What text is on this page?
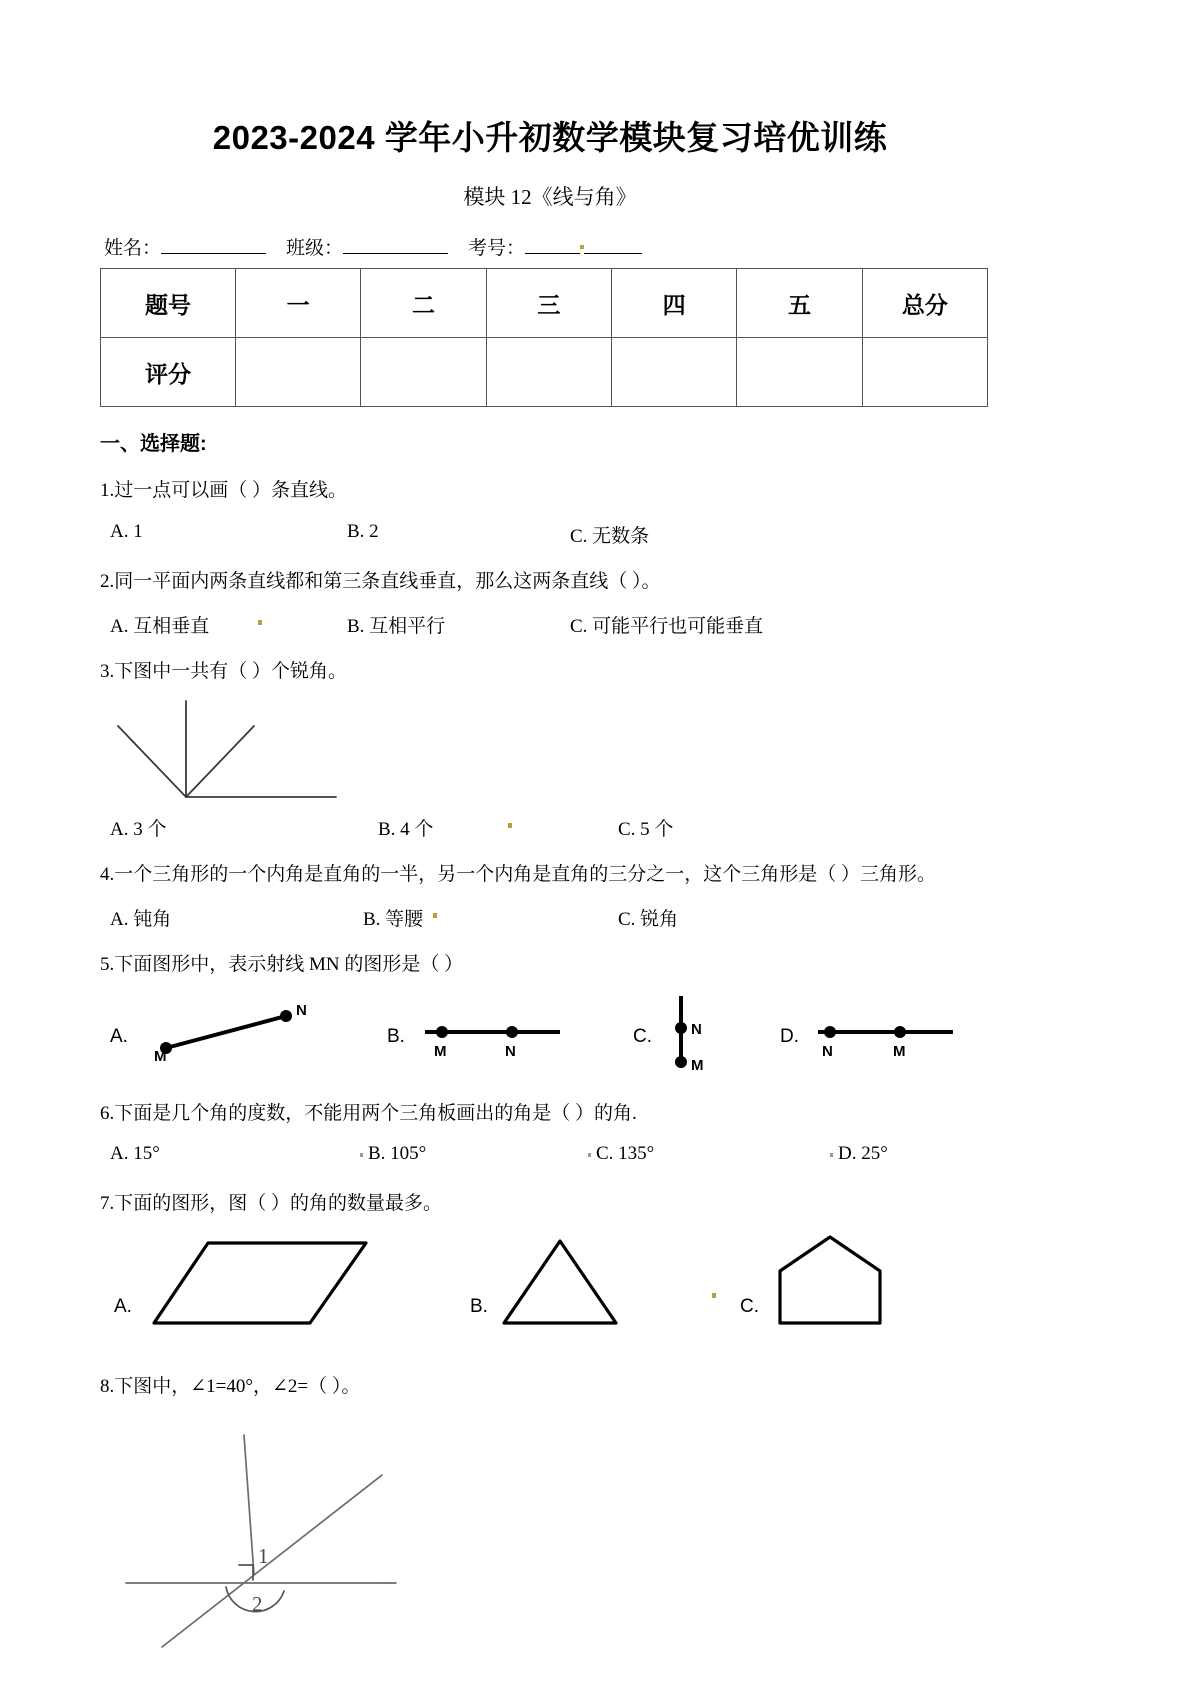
2023-2024 学年小升初数学模块复习培优训练
模块 12《线与角》
姓名：	班级：	考号：
题号	一	二	三	四	五	总分
评分						
一、选择题:
1.过一点可以画（ ）条直线。
A. 1	B. 2	C. 无数条
2.同一平面内两条直线都和第三条直线垂直，那么这两条直线（ ）。
A. 互相垂直	B. 互相平行	C. 可能平行也可能垂直
3.下图中一共有（ ）个锐角。
A. 3 个	B. 4 个	C. 5 个
4.一个三角形的一个内角是直角的一半，另一个内角是直角的三分之一，这个三角形是（ ）三角形。
A. 钝角	B. 等腰	C. 锐角
5.下面图形中，表示射线 MN 的图形是（ ）
A.
M
N
B.
M	N
C.	N
M
D.
N	M
6.下面是几个角的度数，不能用两个三角板画出的角是（ ）的角.
A. 15°	B. 105°	C. 135°	D. 25°
7.下面的图形，图（ ）的角的数量最多。
A.	B.	C.
8.下图中，∠1=40°，∠2=（ ）。
1
2
